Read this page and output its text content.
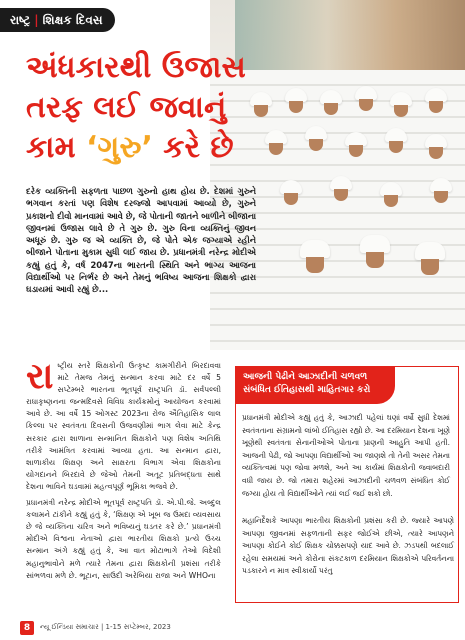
રાષ્ટ્ર | શિક્ષક દિવસ
અંધકારથી ઉજાસ
તરફ લઈ જવાનું
કામ ‘ગુરુ’ કરે છે
દરેક વ્યક્તિની સફળતા પાછળ ગુરુનો હાથ હોય છે. દેશમાં ગુરુને ભગવાન કરતાં પણ વિશેષ દરજ્જો આપવામાં આવ્યો છે, ગુરુને પ્રકાશનો દીવો માનવામાં આવે છે, જે પોતાની જાતને બાળીને બીજાના જીવનમાં ઉજાસ લાવે છે તે ગુરુ છે. ગુરુ વિના વ્યક્તિનું જીવન અધૂરું છે. ગુરુ જ એ વ્યક્તિ છે, જે પોતે એક જગ્યાએ રહીને બીજાને પોતાના મુકામ સુધી લઈ જાય છે. પ્રધાનમંત્રી નરેન્દ્ર મોદીએ કહ્યું હતું કે, વર્ષ 2047ના ભારતની સ્થિતિ અને ભાગ્ય આજના વિદ્યાર્થીઓ પર નિર્ભર છે અને તેમનું ભવિષ્ય આજના શિક્ષકો દ્વારા ઘડાયમાં આવી રહ્યું છે...
રા ષ્ટ્રીય સ્તરે શિક્ષકોની ઉત્કૃષ્ટ કામગીરીને બિરદાવવા માટે તેમજ તેમનું સન્માન કરવા માટે દર વર્ષે 5 સપ્ટેમ્બરે ભારતના ભૂતપૂર્વ રાષ્ટ્રપતિ ડૉ. સર્વપલ્લી રાધાકૃષ્ણનના જન્મદિવસે વિવિધ કાર્યક્રમોનું આયોજન કરવામાં આવે છે. આ વર્ષે 15 ઓગસ્ટ 2023ના રોજ ઐતિહાસિક લાલ કિલ્લા પર સ્વતંત્રતા દિવસની ઉજવણીમાં ભાગ લેવા માટે કેન્દ્ર સરકાર દ્વારા શાળાના સન્માનિત શિક્ષકોને પણ વિશેષ અતિથિ તરીકે આમંત્રિત કરવામાં આવ્યા હતા. આ સન્માન દ્વારા, શાળાકીય શિક્ષણ અને સાક્ષરતા વિભાગ એવા શિક્ષકોના યોગદાનને બિરદાવે છે જેઓ તેમની અતૂટ પ્રતિબદ્ધતા સાથે દેશના ભાવિને ઘડવામાં મહત્વપૂર્ણ ભૂમિકા ભજવે છે.
પ્રધાનમંત્રી નરેન્દ્ર મોદીએ ભૂતપૂર્વ રાષ્ટ્રપતિ ડૉ. એ.પી.જે. અબ્દુલ કલામને ટાંકીને કહ્યું હતું કે, ‘શિક્ષણ એ ખૂબ જ ઉમદા વ્યવસાય છે જે વ્યક્તિના ચરિત્ર અને ભવિષ્યનું ઘડતર કરે છે.’ પ્રધાનમંત્રી મોદીએ વિશ્વના નેતાઓ દ્વારા ભારતીય શિક્ષકો પ્રત્યે ઉચ્ચ સન્માન અંગે કહ્યું હતું કે, આ વાત મોટાભાગે તેઓ વિદેશી મહાનુભાવોને મળે ત્યારે તેમના દ્વારા શિક્ષકોની પ્રશંસા તરીકે સાંભળવા મળે છે. ભૂટાન, સાઉદી અરેબિયા રાજા અને WHOના
આજની પેઢીને આઝાદીની ચળવળ સંબંધિત ઈતિહાસથી માહિતગાર કરો
પ્રધાનમંત્રી મોદીએ કહ્યું હતું કે, આઝાદી પહેલાં ઘણાં વર્ષો સુધી દેશમાં સ્વતંત્રતાના સંગ્રામનો લાંબો ઈતિહાસ રહ્યો છે. આ દરમિયાન દેશના ખૂણે ખૂણેથી સ્વતંત્રતા સેનાનીઓએ પોતાના પ્રાણની આહુતિ આપી હતી. આજની પેઢી, જો આપણા વિદ્યાર્થીઓ આ જાણશે તો તેની અસર તેમના વ્યક્તિત્વમાં પણ જોવા મળશે, અને આ કાર્યમાં શિક્ષકોની જવાબદારી વધી જાય છે. જો તમારા શહેરમાં આઝાદીની ચળવળ સંબંધિત કોઈ જગ્યા હોય તો વિદ્યાર્થીઓને ત્યાં લઈ જઈ શકો છો.
મહાનિર્દેશકે આપણા ભારતીય શિક્ષકોની પ્રશંસા કરી છે. જ્યારે આપણે આપણા જીવનમાં સફળતાની સફર જોઈએ છીએ, ત્યારે આપણને આપણા કોઈને કોઈ શિક્ષક ચોક્કસપણે યાદ આવે છે. ઝડપથી બદલાઈ રહેલા સમયમાં અને કોરોના સંકટકાળ દરમિયાન શિક્ષકોએ પરિવર્તનના પડકારને ન માત્ર સ્વીકાર્યો પરંતુ
8	ન્યૂ ઈન્ડિયા સમાચાર | 1-15 સપ્ટેમ્બર, 2023
